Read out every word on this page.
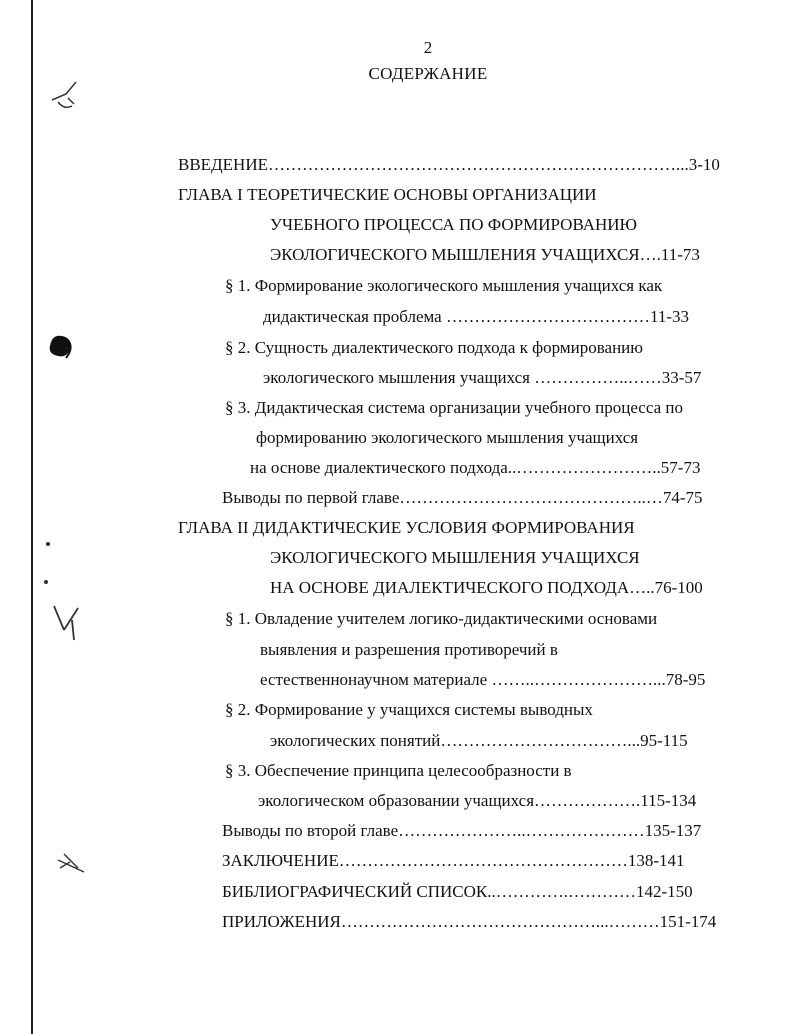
2
СОДЕРЖАНИЕ
ВВЕДЕНИЕ………………………………………………………………...3-10
ГЛАВА I ТЕОРЕТИЧЕСКИЕ ОСНОВЫ ОРГАНИЗАЦИИ
УЧЕБНОГО ПРОЦЕССА ПО ФОРМИРОВАНИЮ
ЭКОЛОГИЧЕСКОГО МЫШЛЕНИЯ УЧАЩИХСЯ….11-73
§ 1. Формирование экологического мышления учащихся как
дидактическая проблема ………………………………11-33
§ 2. Сущность диалектического подхода к формированию
экологического мышления учащихся ……………..……33-57
§ 3. Дидактическая система организации учебного процесса по
формированию экологического мышления учащихся
на основе диалектического подхода..……………………..57-73
Выводы по первой главе……………………………………..…74-75
ГЛАВА II ДИДАКТИЧЕСКИЕ УСЛОВИЯ ФОРМИРОВАНИЯ
ЭКОЛОГИЧЕСКОГО МЫШЛЕНИЯ УЧАЩИХСЯ
НА ОСНОВЕ ДИАЛЕКТИЧЕСКОГО ПОДХОДА…..76-100
§ 1. Овладение учителем логико-дидактическими основами
выявления и разрешения противоречий в
естественнонаучном материале ……..…………………...78-95
§ 2. Формирование у учащихся системы выводных
экологических понятий……………………………...95-115
§ 3. Обеспечение принципа целесообразности в
экологическом образовании учащихся……………….115-134
Выводы по второй главе…………………..…………………135-137
ЗАКЛЮЧЕНИЕ……………………………………………138-141
БИБЛИОГРАФИЧЕСКИЙ СПИСОК..………….…………142-150
ПРИЛОЖЕНИЯ………………………………………...………151-174
